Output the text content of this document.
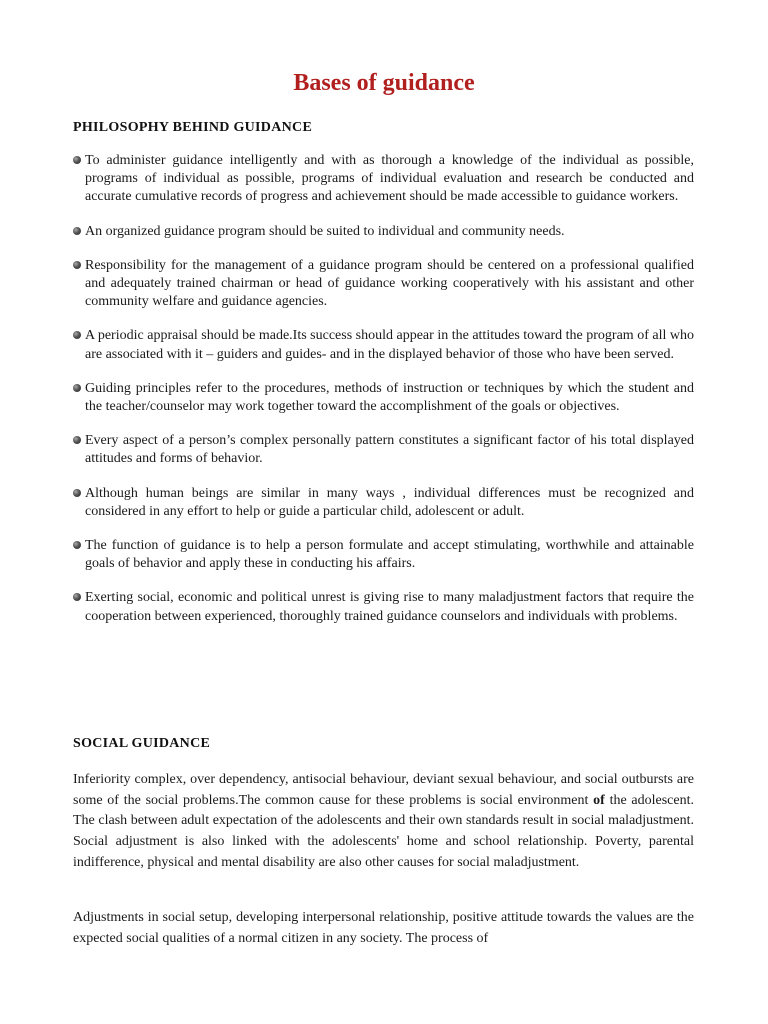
Bases of guidance
PHILOSOPHY BEHIND GUIDANCE
To administer guidance intelligently and with as thorough a knowledge of the individual as possible, programs of individual as possible, programs of individual evaluation and research be conducted and accurate cumulative records of progress and achievement should be made accessible to guidance workers.
An organized guidance program should be suited to individual and community needs.
Responsibility for the management of a guidance program should be centered on a professional qualified and adequately trained chairman or head of guidance working cooperatively with his assistant and other community welfare and guidance agencies.
A periodic appraisal should be made.Its success should appear in the attitudes toward the program of all who are associated with it – guiders and guides- and in the displayed behavior of those who have been served.
Guiding principles refer to the procedures, methods of instruction or techniques by which the student and the teacher/counselor may work together toward the accomplishment of the goals or objectives.
Every aspect of a person’s complex personally pattern constitutes a significant factor of his total displayed attitudes and forms of behavior.
Although human beings are similar in many ways , individual differences must be recognized and considered in any effort to help or guide a particular child, adolescent or adult.
The function of guidance is to help a person formulate and accept stimulating, worthwhile and attainable goals of behavior and apply these in conducting his affairs.
Exerting social, economic and political unrest is giving rise to many maladjustment factors that require the cooperation between experienced, thoroughly trained guidance counselors and individuals with problems.
SOCIAL GUIDANCE
Inferiority complex, over dependency, antisocial behaviour, deviant sexual behaviour, and social outbursts are some of the social problems.The common cause for these problems is social environment of the adolescent. The clash between adult expectation of the adolescents and their own standards result in social maladjustment. Social adjustment is also linked with the adolescents' home and school relationship. Poverty, parental indifference, physical and mental disability are also other causes for social maladjustment.
Adjustments in social setup, developing interpersonal relationship, positive attitude towards the values are the expected social qualities of a normal citizen in any society. The process of
